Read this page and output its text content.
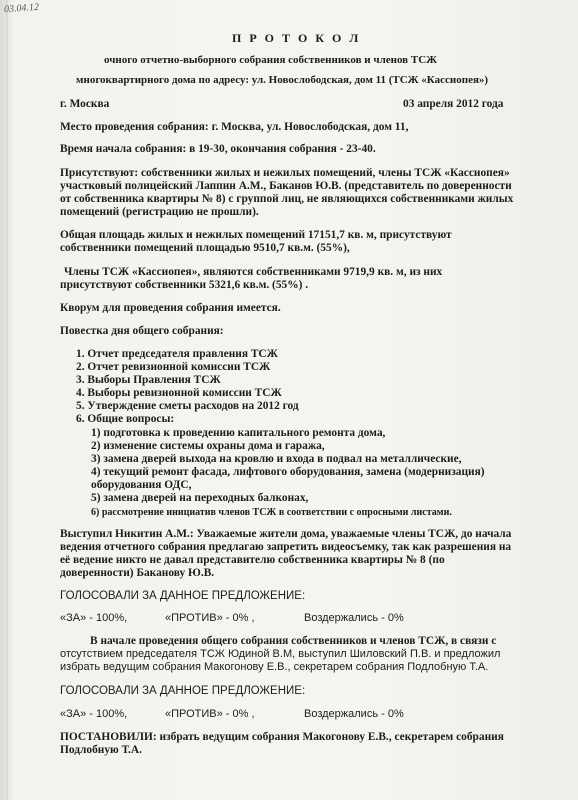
03.04.12
П Р О Т О К О Л
очного отчетно-выборного собрания собственников и членов ТСЖ
многоквартирного дома по адресу: ул. Новослободская, дом 11 (ТСЖ «Кассиопея»)
г. Москва	03 апреля 2012 года
Место проведения собрания: г. Москва, ул. Новослободская, дом 11,
Время начала собрания: в 19-30, окончания собрания - 23-40.
Присутствуют: собственники жилых и нежилых помещений, члены ТСЖ «Кассиопея»
участковый полицейский Лаппин А.М., Баканов Ю.В. (представитель по доверенности
от собственника квартиры № 8) с группой лиц, не являющихся собственниками жилых
помещений (регистрацию не прошли).
Общая площадь жилых и нежилых помещений 17151,7 кв. м, присутствуют
собственники помещений площадью 9510,7 кв.м. (55%),
Члены ТСЖ «Кассиопея», являются собственниками 9719,9 кв. м, из них
присутствуют собственники 5321,6 кв.м. (55%) .
Кворум для проведения собрания имеется.
Повестка дня общего собрания:
1. Отчет председателя правления ТСЖ
2. Отчет ревизионной комиссии ТСЖ
3. Выборы Правления ТСЖ
4. Выборы ревизионной комиссии ТСЖ
5. Утверждение сметы расходов на 2012 год
6. Общие вопросы:
1) подготовка к проведению капитального ремонта дома,
2) изменение системы охраны дома и гаража,
3) замена дверей выхода на кровлю и входа в подвал на металлические,
4) текущий ремонт фасада, лифтового оборудования, замена (модернизация)
оборудования ОДС,
5) замена дверей на переходных балконах,
6) рассмотрение инициатив членов ТСЖ в соответствии с опросными листами.
Выступил Никитин А.М.: Уважаемые жители дома, уважаемые члены ТСЖ, до начала
ведения отчетного собрания предлагаю запретить видеосъемку, так как разрешения на
её ведение никто не давал представителю собственника квартиры № 8 (по
доверенности) Баканову Ю.В.
ГОЛОСОВАЛИ ЗА ДАННОЕ ПРЕДЛОЖЕНИЕ:
«ЗА» - 100%,	«ПРОТИВ» - 0% ,	Воздержались - 0%
В начале проведения общего собрания собственников и членов ТСЖ, в связи с
отсутствием председателя ТСЖ Юдиной В.М, выступил Шиловский П.В. и предложил
избрать ведущим собрания Макогонову Е.В., секретарем собрания Подлобную Т.А.
ГОЛОСОВАЛИ ЗА ДАННОЕ ПРЕДЛОЖЕНИЕ:
«ЗА» - 100%,	«ПРОТИВ» - 0% ,	Воздержались - 0%
ПОСТАНОВИЛИ: избрать ведущим собрания Макогонову Е.В., секретарем собрания
Подлобную Т.А.
